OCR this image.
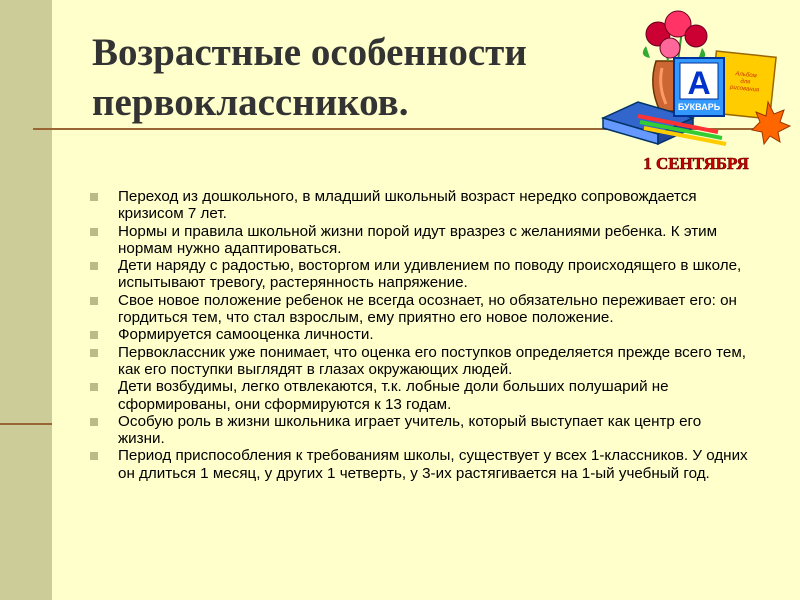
Возрастные особенности первоклассников.
Переход из дошкольного, в младший школьный возраст нередко сопровождается кризисом 7 лет.
Нормы и правила школьной жизни порой идут вразрез с желаниями ребенка. К этим нормам нужно адаптироваться.
Дети наряду с радостью, восторгом или удивлением по поводу происходящего в школе, испытывают тревогу, растерянность напряжение.
Свое новое положение ребенок не всегда осознает, но обязательно переживает его: он гордиться тем, что стал взрослым, ему приятно его новое положение.
Формируется самооценка личности.
Первоклассник уже понимает, что оценка его поступков определяется прежде всего тем, как его поступки выглядят в глазах окружающих людей.
Дети возбудимы, легко отвлекаются, т.к. лобные доли больших полушарий не сформированы, они сформируются к 13 годам.
Особую роль в жизни школьника играет учитель, который выступает как центр его жизни.
Период приспособления к требованиям школы, существует у всех 1-классников. У одних он длиться 1 месяц, у других 1 четверть, у 3-их растягивается на 1-ый учебный год.
Альбомдлярисования
А
БУКВАРЬ
1 СЕНТЯБРЯ
